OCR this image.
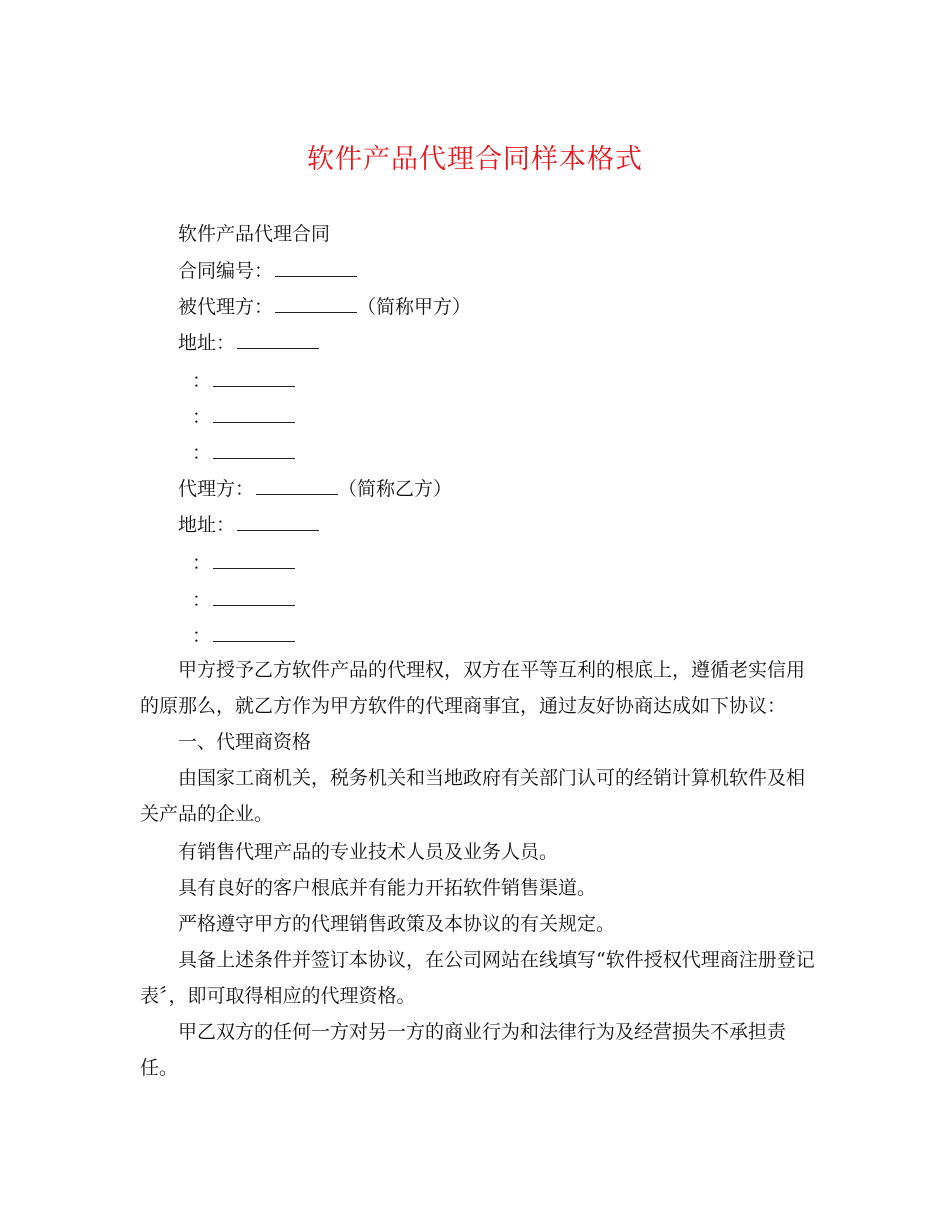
软件产品代理合同样本格式
软件产品代理合同
合同编号：
被代理方：	（简称甲方）
地址：
：
：
：
代理方：	（简称乙方）
地址：
：
：
：
甲方授予乙方软件产品的代理权，双方在平等互利的根底上，遵循老实信用
的原那么，就乙方作为甲方软件的代理商事宜，通过友好协商达成如下协议：
一、代理商资格
由国家工商机关，税务机关和当地政府有关部门认可的经销计算机软件及相
关产品的企业。
有销售代理产品的专业技术人员及业务人员。
具有良好的客户根底并有能力开拓软件销售渠道。
严格遵守甲方的代理销售政策及本协议的有关规定。
具备上述条件并签订本协议，在公司网站在线填写“软件授权代理商注册登记
表〞，即可取得相应的代理资格。
甲乙双方的任何一方对另一方的商业行为和法律行为及经营损失不承担责
任。
